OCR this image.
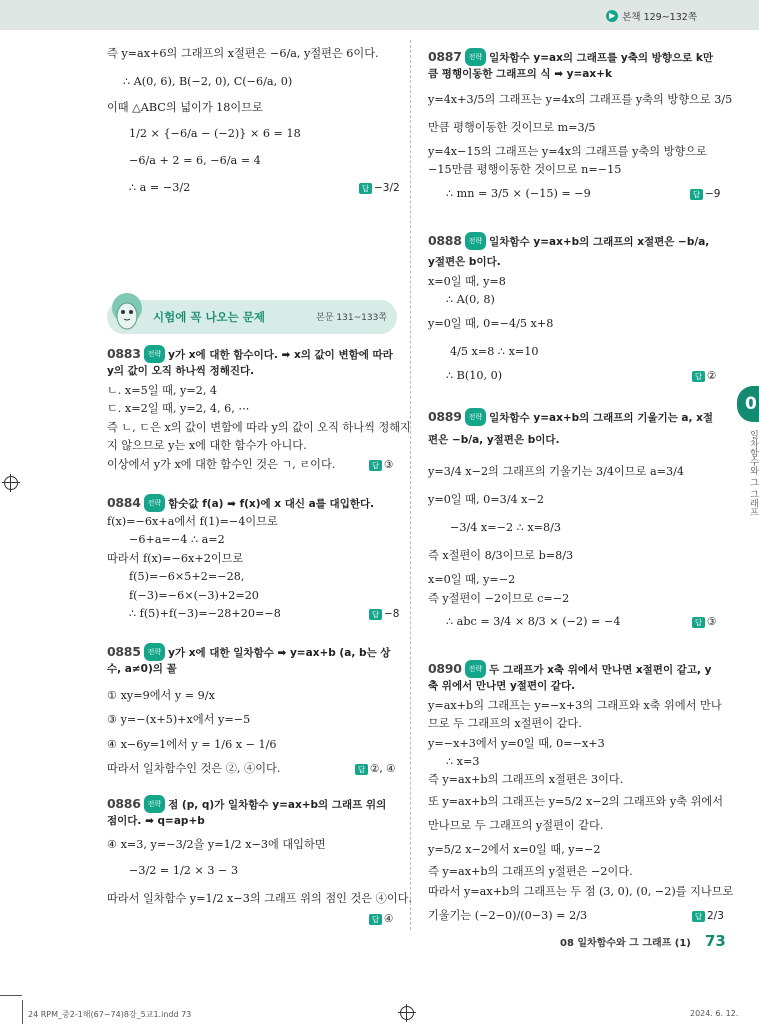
▶ 본책 129~132쪽
즉 y=ax+6의 그래프의 x절편은 −6/a, y절편은 6이다.
∴ A(0, 6), B(−2, 0), C(−6/a, 0)
이때 △ABC의 넓이가 18이므로
1/2 × {−6/a − (−2)} × 6 = 18
−6/a + 2 = 6, −6/a = 4
∴ a = −3/2	답 −3/2
시험에 꼭 나오는 문제	본문 131~133쪽
0883 전략 y가 x에 대한 함수이다. ➡ x의 값이 변함에 따라
y의 값이 오직 하나씩 정해진다.
ㄴ. x=5일 때, y=2, 4
ㄷ. x=2일 때, y=2, 4, 6, ⋯
즉 ㄴ, ㄷ은 x의 값이 변함에 따라 y의 값이 오직 하나씩 정해지
지 않으므로 y는 x에 대한 함수가 아니다.
이상에서 y가 x에 대한 함수인 것은 ㄱ, ㄹ이다.	답 ③
0884 전략 함숫값 f(a) ➡ f(x)에 x 대신 a를 대입한다.
f(x)=−6x+a에서 f(1)=−4이므로
−6+a=−4 ∴ a=2
따라서 f(x)=−6x+2이므로
f(5)=−6×5+2=−28,
f(−3)=−6×(−3)+2=20
∴ f(5)+f(−3)=−28+20=−8	답 −8
0885 전략 y가 x에 대한 일차함수 ➡ y=ax+b (a, b는 상
수, a≠0)의 꼴
① xy=9에서 y = 9/x
③ y=−(x+5)+x에서 y=−5
④ x−6y=1에서 y = 1/6 x − 1/6
따라서 일차함수인 것은 ②, ④이다.	답 ②, ④
0886 전략 점 (p, q)가 일차함수 y=ax+b의 그래프 위의
점이다. ➡ q=ap+b
④ x=3, y=−3/2을 y=1/2 x−3에 대입하면
−3/2 = 1/2 × 3 − 3
따라서 일차함수 y=1/2 x−3의 그래프 위의 점인 것은 ④이다.
답 ④
0887 전략 일차함수 y=ax의 그래프를 y축의 방향으로 k만
큼 평행이동한 그래프의 식 ➡ y=ax+k
y=4x+3/5의 그래프는 y=4x의 그래프를 y축의 방향으로 3/5
만큼 평행이동한 것이므로 m=3/5
y=4x−15의 그래프는 y=4x의 그래프를 y축의 방향으로
−15만큼 평행이동한 것이므로 n=−15
∴ mn = 3/5 × (−15) = −9	답 −9
0888 전략 일차함수 y=ax+b의 그래프의 x절편은 −b/a,
y절편은 b이다.
x=0일 때, y=8
∴ A(0, 8)
y=0일 때, 0=−4/5 x+8
4/5 x=8 ∴ x=10
∴ B(10, 0)	답 ②
0889 전략 일차함수 y=ax+b의 그래프의 기울기는 a, x절
편은 −b/a, y절편은 b이다.
y=3/4 x−2의 그래프의 기울기는 3/4이므로 a=3/4
y=0일 때, 0=3/4 x−2
−3/4 x=−2 ∴ x=8/3
즉 x절편이 8/3이므로 b=8/3
x=0일 때, y=−2
즉 y절편이 −2이므로 c=−2
∴ abc = 3/4 × 8/3 × (−2) = −4	답 ③
0890 전략 두 그래프가 x축 위에서 만나면 x절편이 같고, y
축 위에서 만나면 y절편이 같다.
y=ax+b의 그래프는 y=−x+3의 그래프와 x축 위에서 만나
므로 두 그래프의 x절편이 같다.
y=−x+3에서 y=0일 때, 0=−x+3
∴ x=3
즉 y=ax+b의 그래프의 x절편은 3이다.
또 y=ax+b의 그래프는 y=5/2 x−2의 그래프와 y축 위에서
만나므로 두 그래프의 y절편이 같다.
y=5/2 x−2에서 x=0일 때, y=−2
즉 y=ax+b의 그래프의 y절편은 −2이다.
따라서 y=ax+b의 그래프는 두 점 (3, 0), (0, −2)를 지나므로
기울기는 (−2−0)/(0−3) = 2/3	답 2/3
0
일차함수와 그 그래프
08 일차함수와 그 그래프 (1) 73
24 RPM_중2-1해(67~74)8강_5교1.indd 73	2024. 6. 12.
